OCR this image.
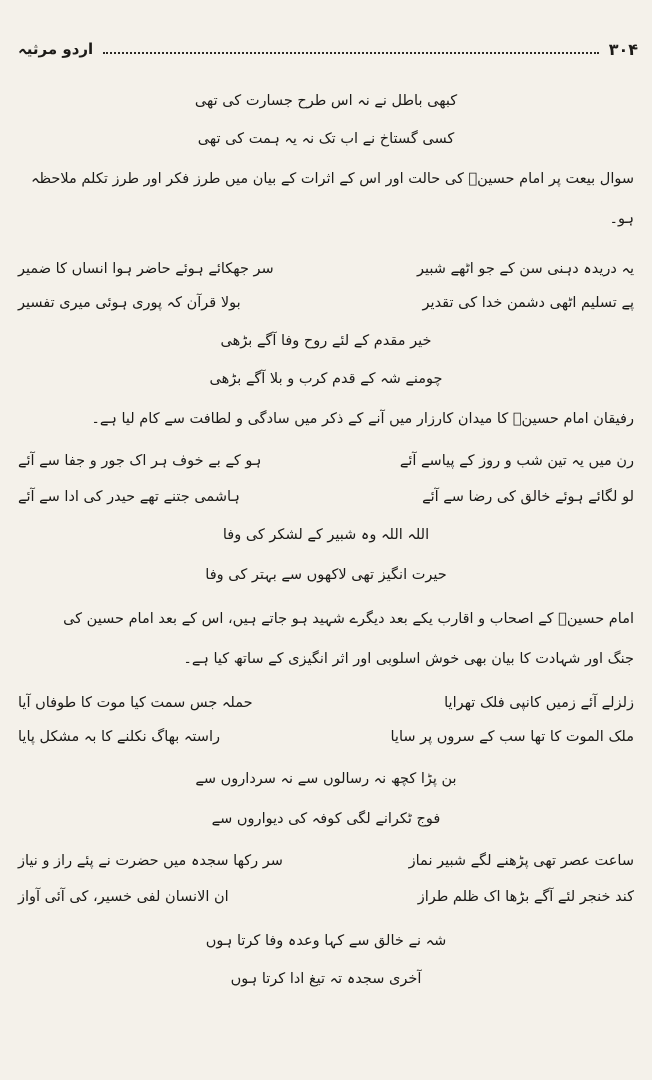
۳۰۴
اردو مرثیہ
کبھی باطل نے نہ اس طرح جسارت کی تھی
کسی گستاخ نے اب تک نہ یہ ہمت کی تھی
سوال بیعت پر امام حسینؓ کی حالت اور اس کے اثرات کے بیان میں طرز فکر اور طرز تکلم ملاحظہ
ہو۔
یہ دریدہ دہنی سن کے جو اٹھے شبیر
سر جھکائے ہوئے حاضر ہوا انساں کا ضمیر
پے تسلیم اٹھی دشمن خدا کی تقدیر
بولا قرآن کہ پوری ہوئی میری تفسیر
خیر مقدم کے لئے روح وفا آگے بڑھی
چومنے شہ کے قدم کرب و بلا آگے بڑھی
رفیقان امام حسینؓ کا میدان کارزار میں آنے کے ذکر میں سادگی و لطافت سے کام لیا ہے۔
رن میں یہ تین شب و روز کے پیاسے آئے
ہو کے بے خوف ہر اک جور و جفا سے آئے
لو لگائے ہوئے خالق کی رضا سے آئے
ہاشمی جتنے تھے حیدر کی ادا سے آئے
اللہ اللہ وہ شبیر کے لشکر کی وفا
حیرت انگیز تھی لاکھوں سے بہتر کی وفا
امام حسینؓ کے اصحاب و اقارب یکے بعد دیگرے شہید ہو جاتے ہیں، اس کے بعد امام حسین کی
جنگ اور شہادت کا بیان بھی خوش اسلوبی اور اثر انگیزی کے ساتھ کیا ہے۔
زلزلے آئے زمیں کانپی فلک تھرایا
حملہ جس سمت کیا موت کا طوفاں آیا
ملک الموت کا تھا سب کے سروں پر سایا
راستہ بھاگ نکلنے کا بہ مشکل پایا
بن پڑا کچھ نہ رسالوں سے نہ سرداروں سے
فوج ٹکرانے لگی کوفہ کی دیواروں سے
ساعت عصر تھی پڑھنے لگے شبیر نماز
سر رکھا سجدہ میں حضرت نے پئے راز و نیاز
کند خنجر لئے آگے بڑھا اک ظلم طراز
ان الانسان لفی خسیر، کی آئی آواز
شہ نے خالق سے کہا وعدہ وفا کرتا ہوں
آخری سجدہ تہ تیغ ادا کرتا ہوں
